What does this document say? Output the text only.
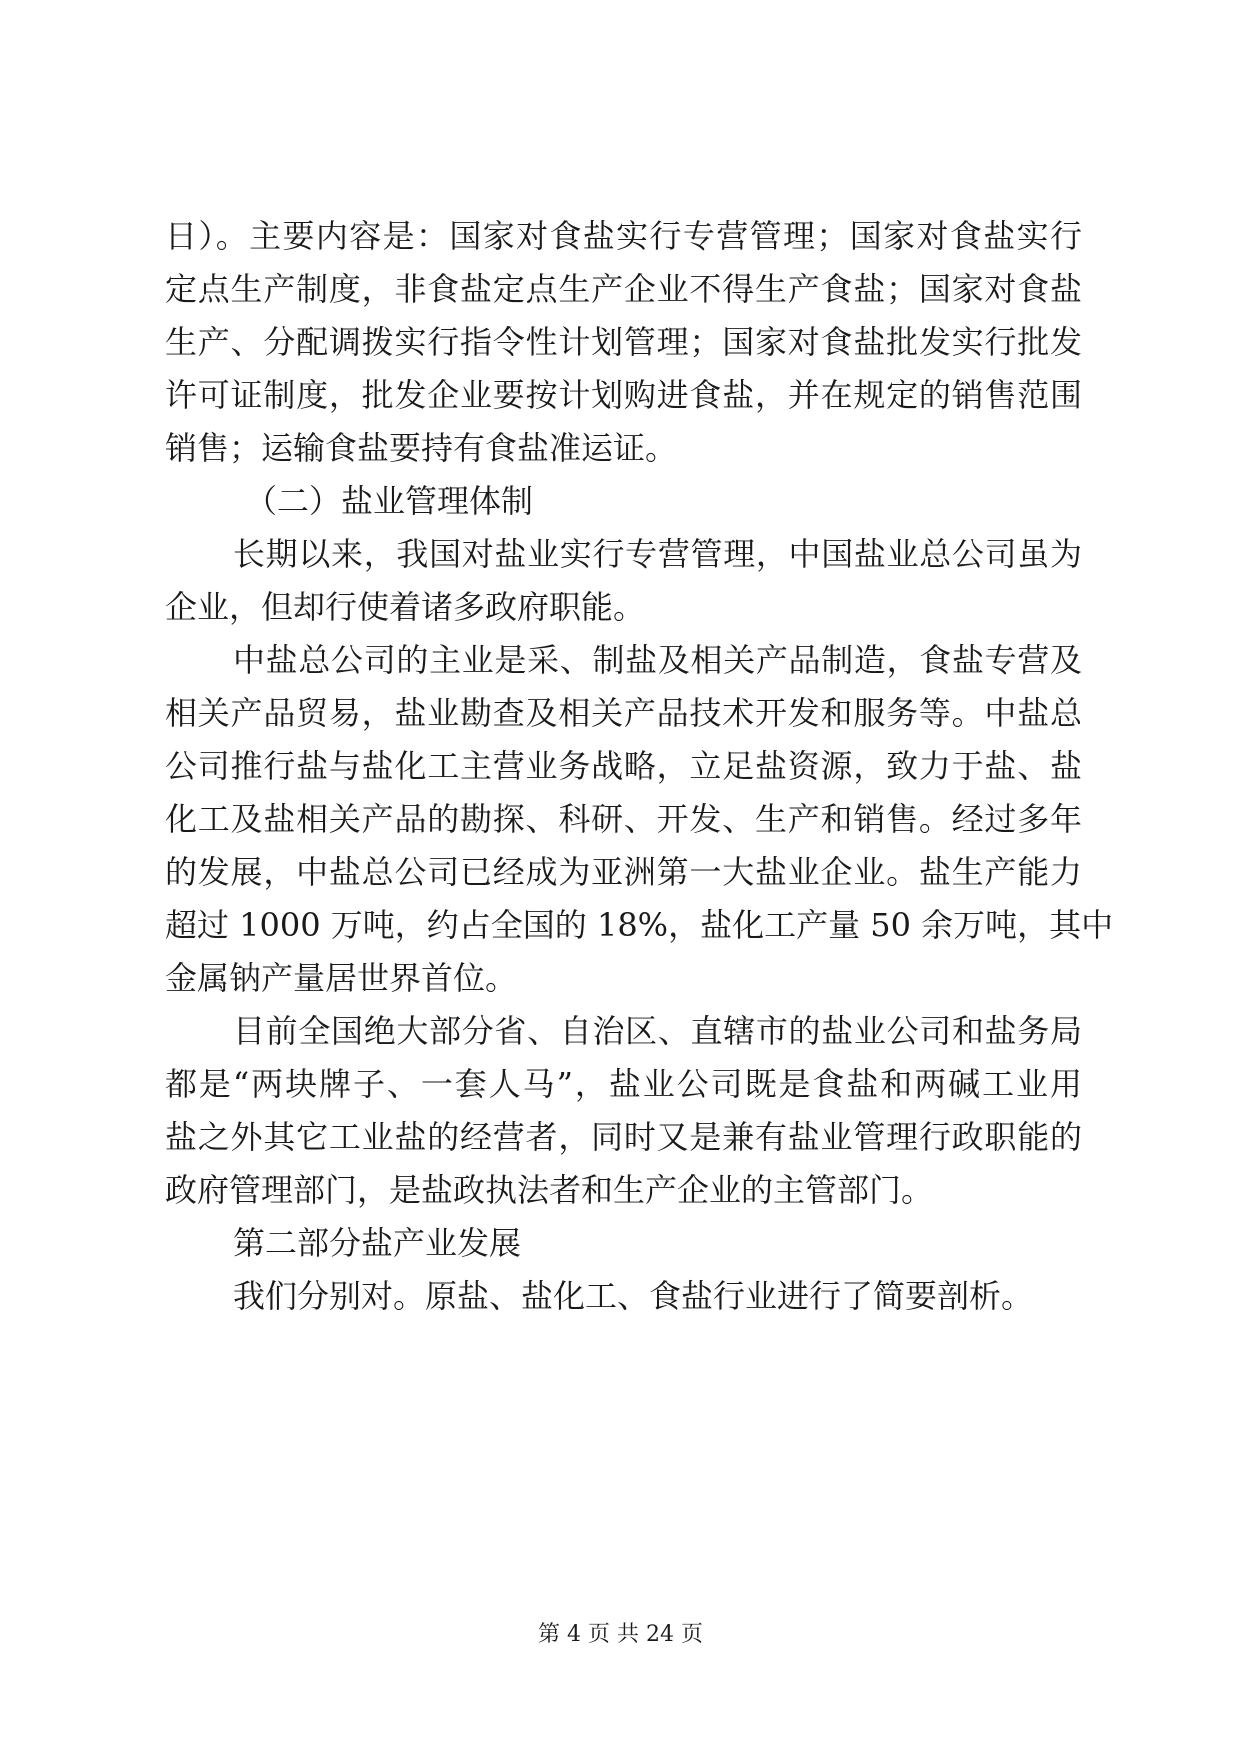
日）。主要内容是：国家对食盐实行专营管理；国家对食盐实行
定点生产制度，非食盐定点生产企业不得生产食盐；国家对食盐
生产、分配调拨实行指令性计划管理；国家对食盐批发实行批发
许可证制度，批发企业要按计划购进食盐，并在规定的销售范围
销售；运输食盐要持有食盐准运证。
（二）盐业管理体制
长期以来，我国对盐业实行专营管理，中国盐业总公司虽为
企业，但却行使着诸多政府职能。
中盐总公司的主业是采、制盐及相关产品制造，食盐专营及
相关产品贸易，盐业勘查及相关产品技术开发和服务等。中盐总
公司推行盐与盐化工主营业务战略，立足盐资源，致力于盐、盐
化工及盐相关产品的勘探、科研、开发、生产和销售。经过多年
的发展，中盐总公司已经成为亚洲第一大盐业企业。盐生产能力
超过 1000 万吨，约占全国的 18%，盐化工产量 50 余万吨，其中
金属钠产量居世界首位。
目前全国绝大部分省、自治区、直辖市的盐业公司和盐务局
都是“两块牌子、一套人马”，盐业公司既是食盐和两碱工业用
盐之外其它工业盐的经营者，同时又是兼有盐业管理行政职能的
政府管理部门，是盐政执法者和生产企业的主管部门。
第二部分盐产业发展
我们分别对。原盐、盐化工、食盐行业进行了简要剖析。
第 4 页 共 24 页
